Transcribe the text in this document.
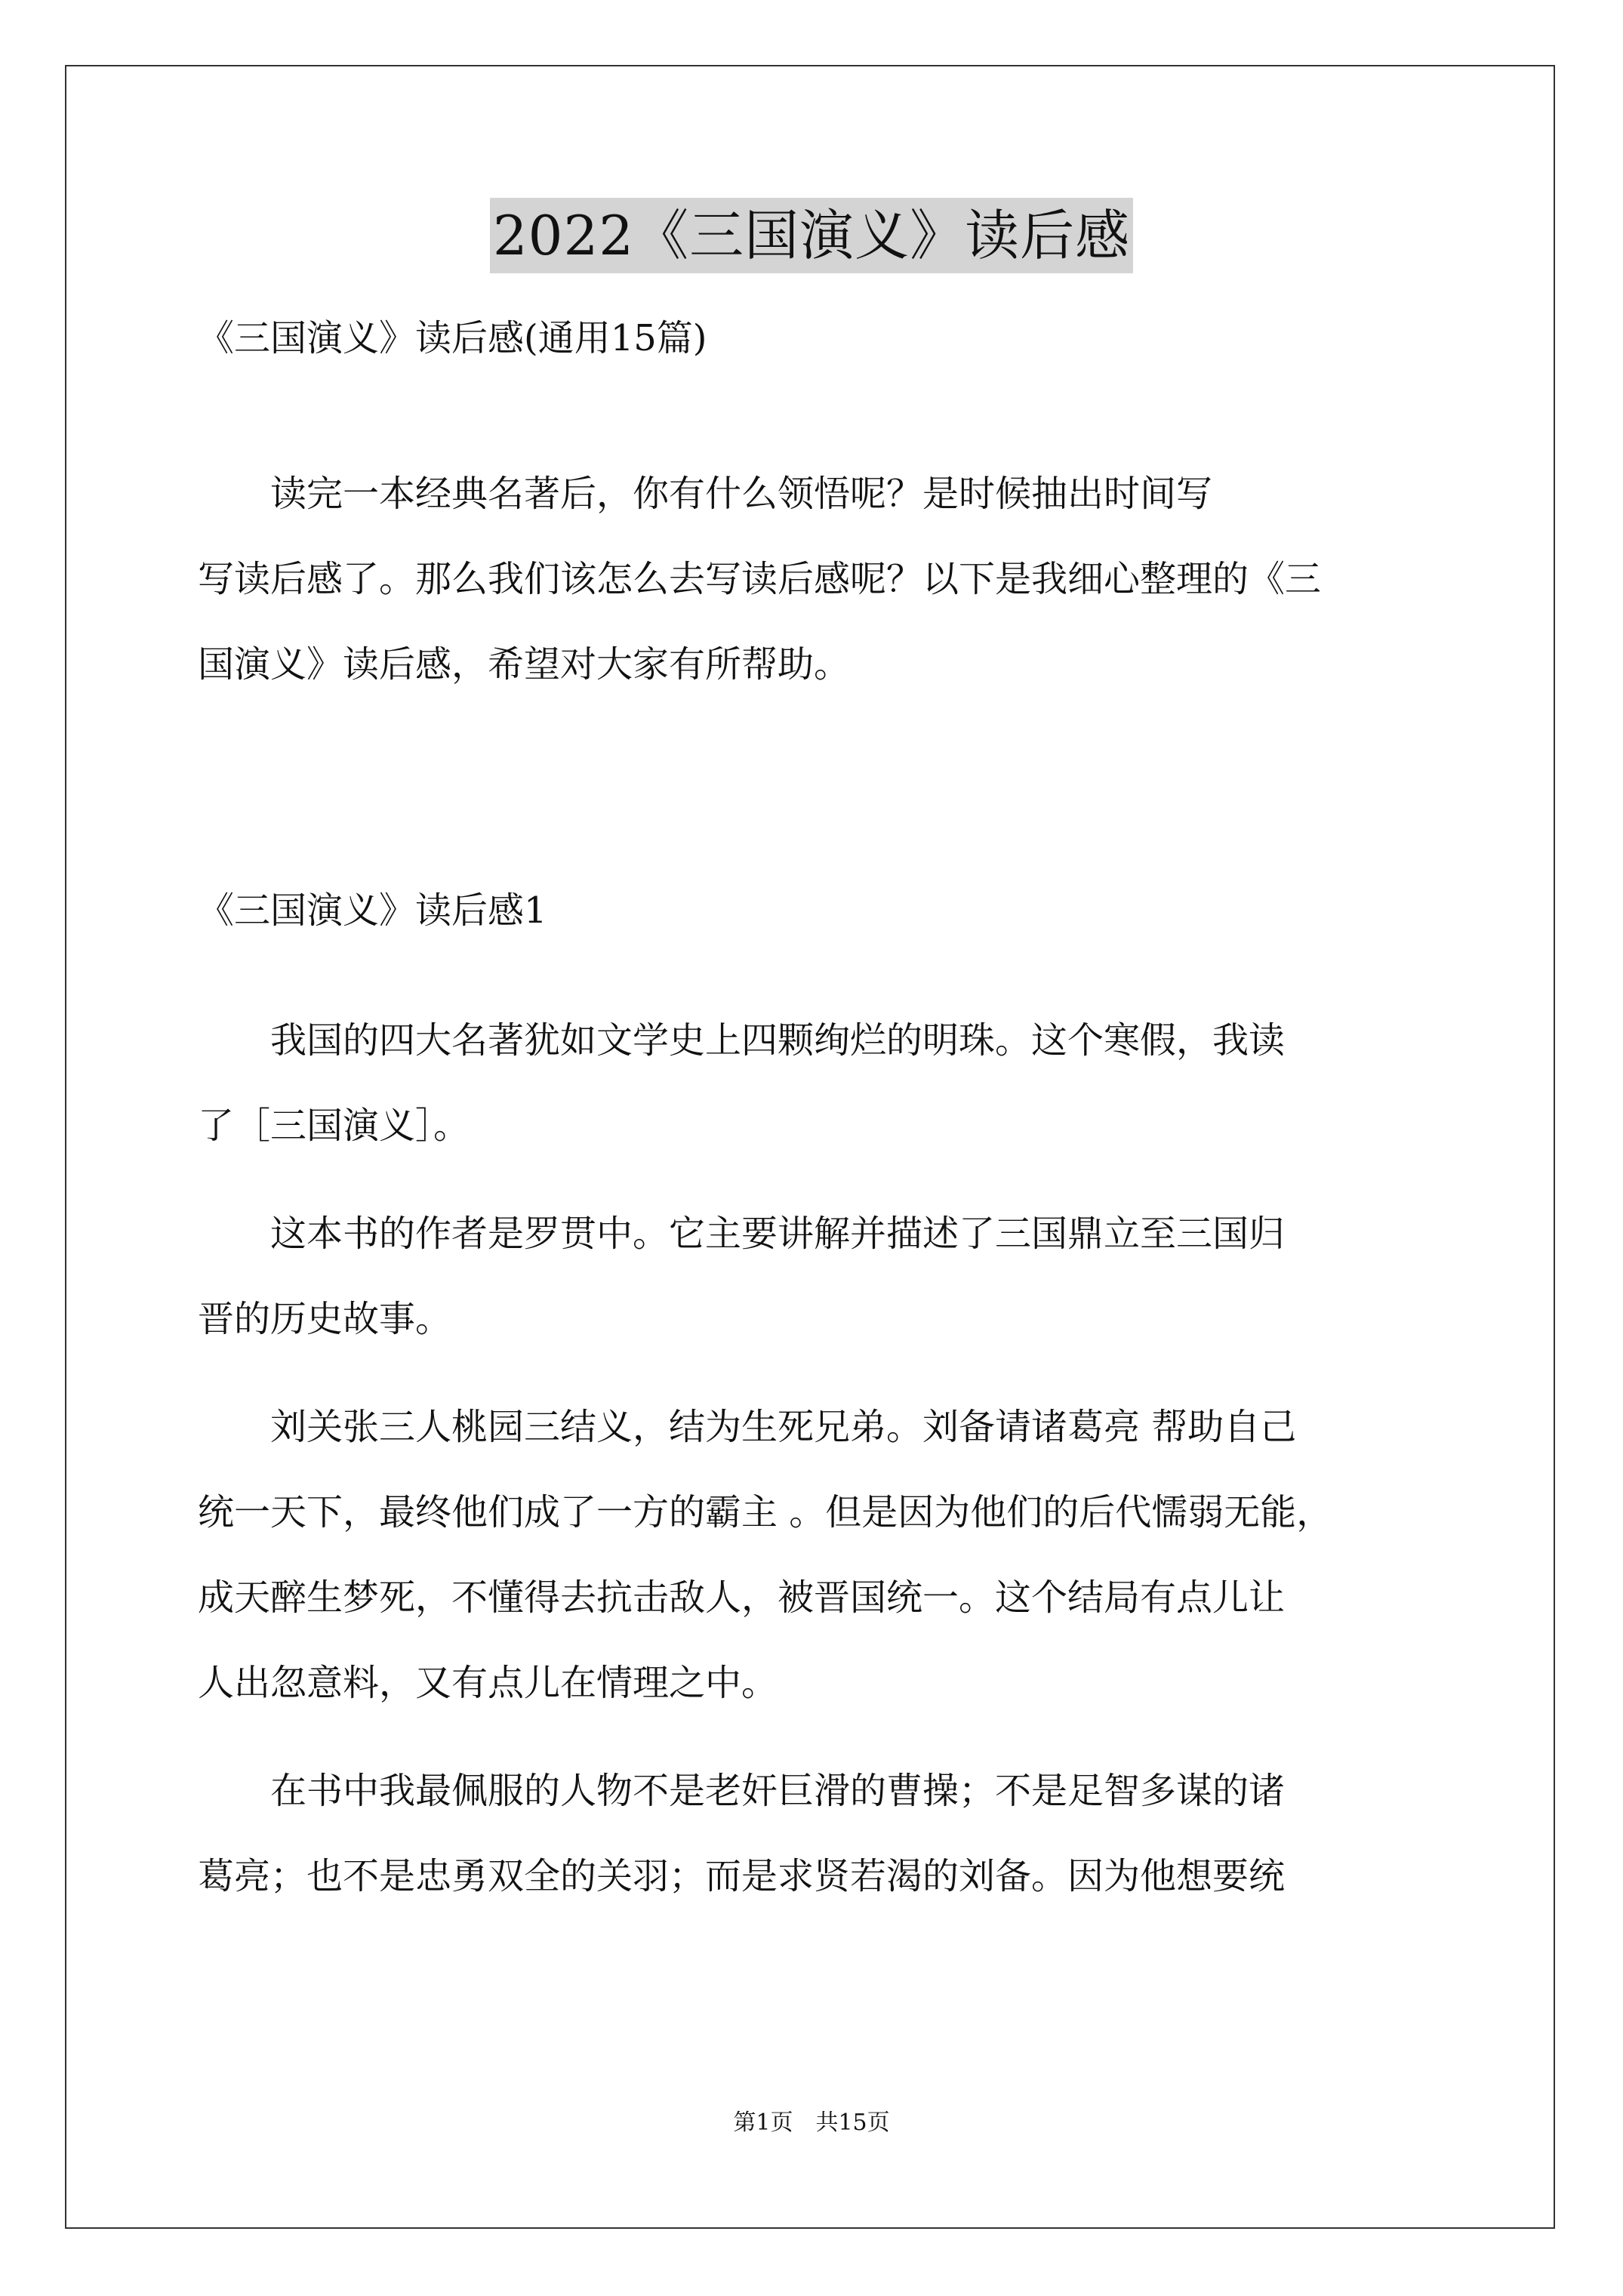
2022《三国演义》读后感
《三国演义》读后感(通用15篇)
　　读完一本经典名著后，你有什么领悟呢？是时候抽出时间写
写读后感了。那么我们该怎么去写读后感呢？以下是我细心整理的《三
国演义》读后感，希望对大家有所帮助。
《三国演义》读后感1
　　我国的四大名著犹如文学史上四颗绚烂的明珠。这个寒假，我读
了［三国演义］。
　　这本书的作者是罗贯中。它主要讲解并描述了三国鼎立至三国归
晋的历史故事。
　　刘关张三人桃园三结义，结为生死兄弟。刘备请诸葛亮 帮助自己
统一天下，最终他们成了一方的霸主 。但是因为他们的后代懦弱无能，
成天醉生梦死，不懂得去抗击敌人，被晋国统一。这个结局有点儿让
人出忽意料，又有点儿在情理之中。
　　在书中我最佩服的人物不是老奸巨滑的曹操；不是足智多谋的诸
葛亮；也不是忠勇双全的关羽；而是求贤若渴的刘备。因为他想要统
第1页　共15页
